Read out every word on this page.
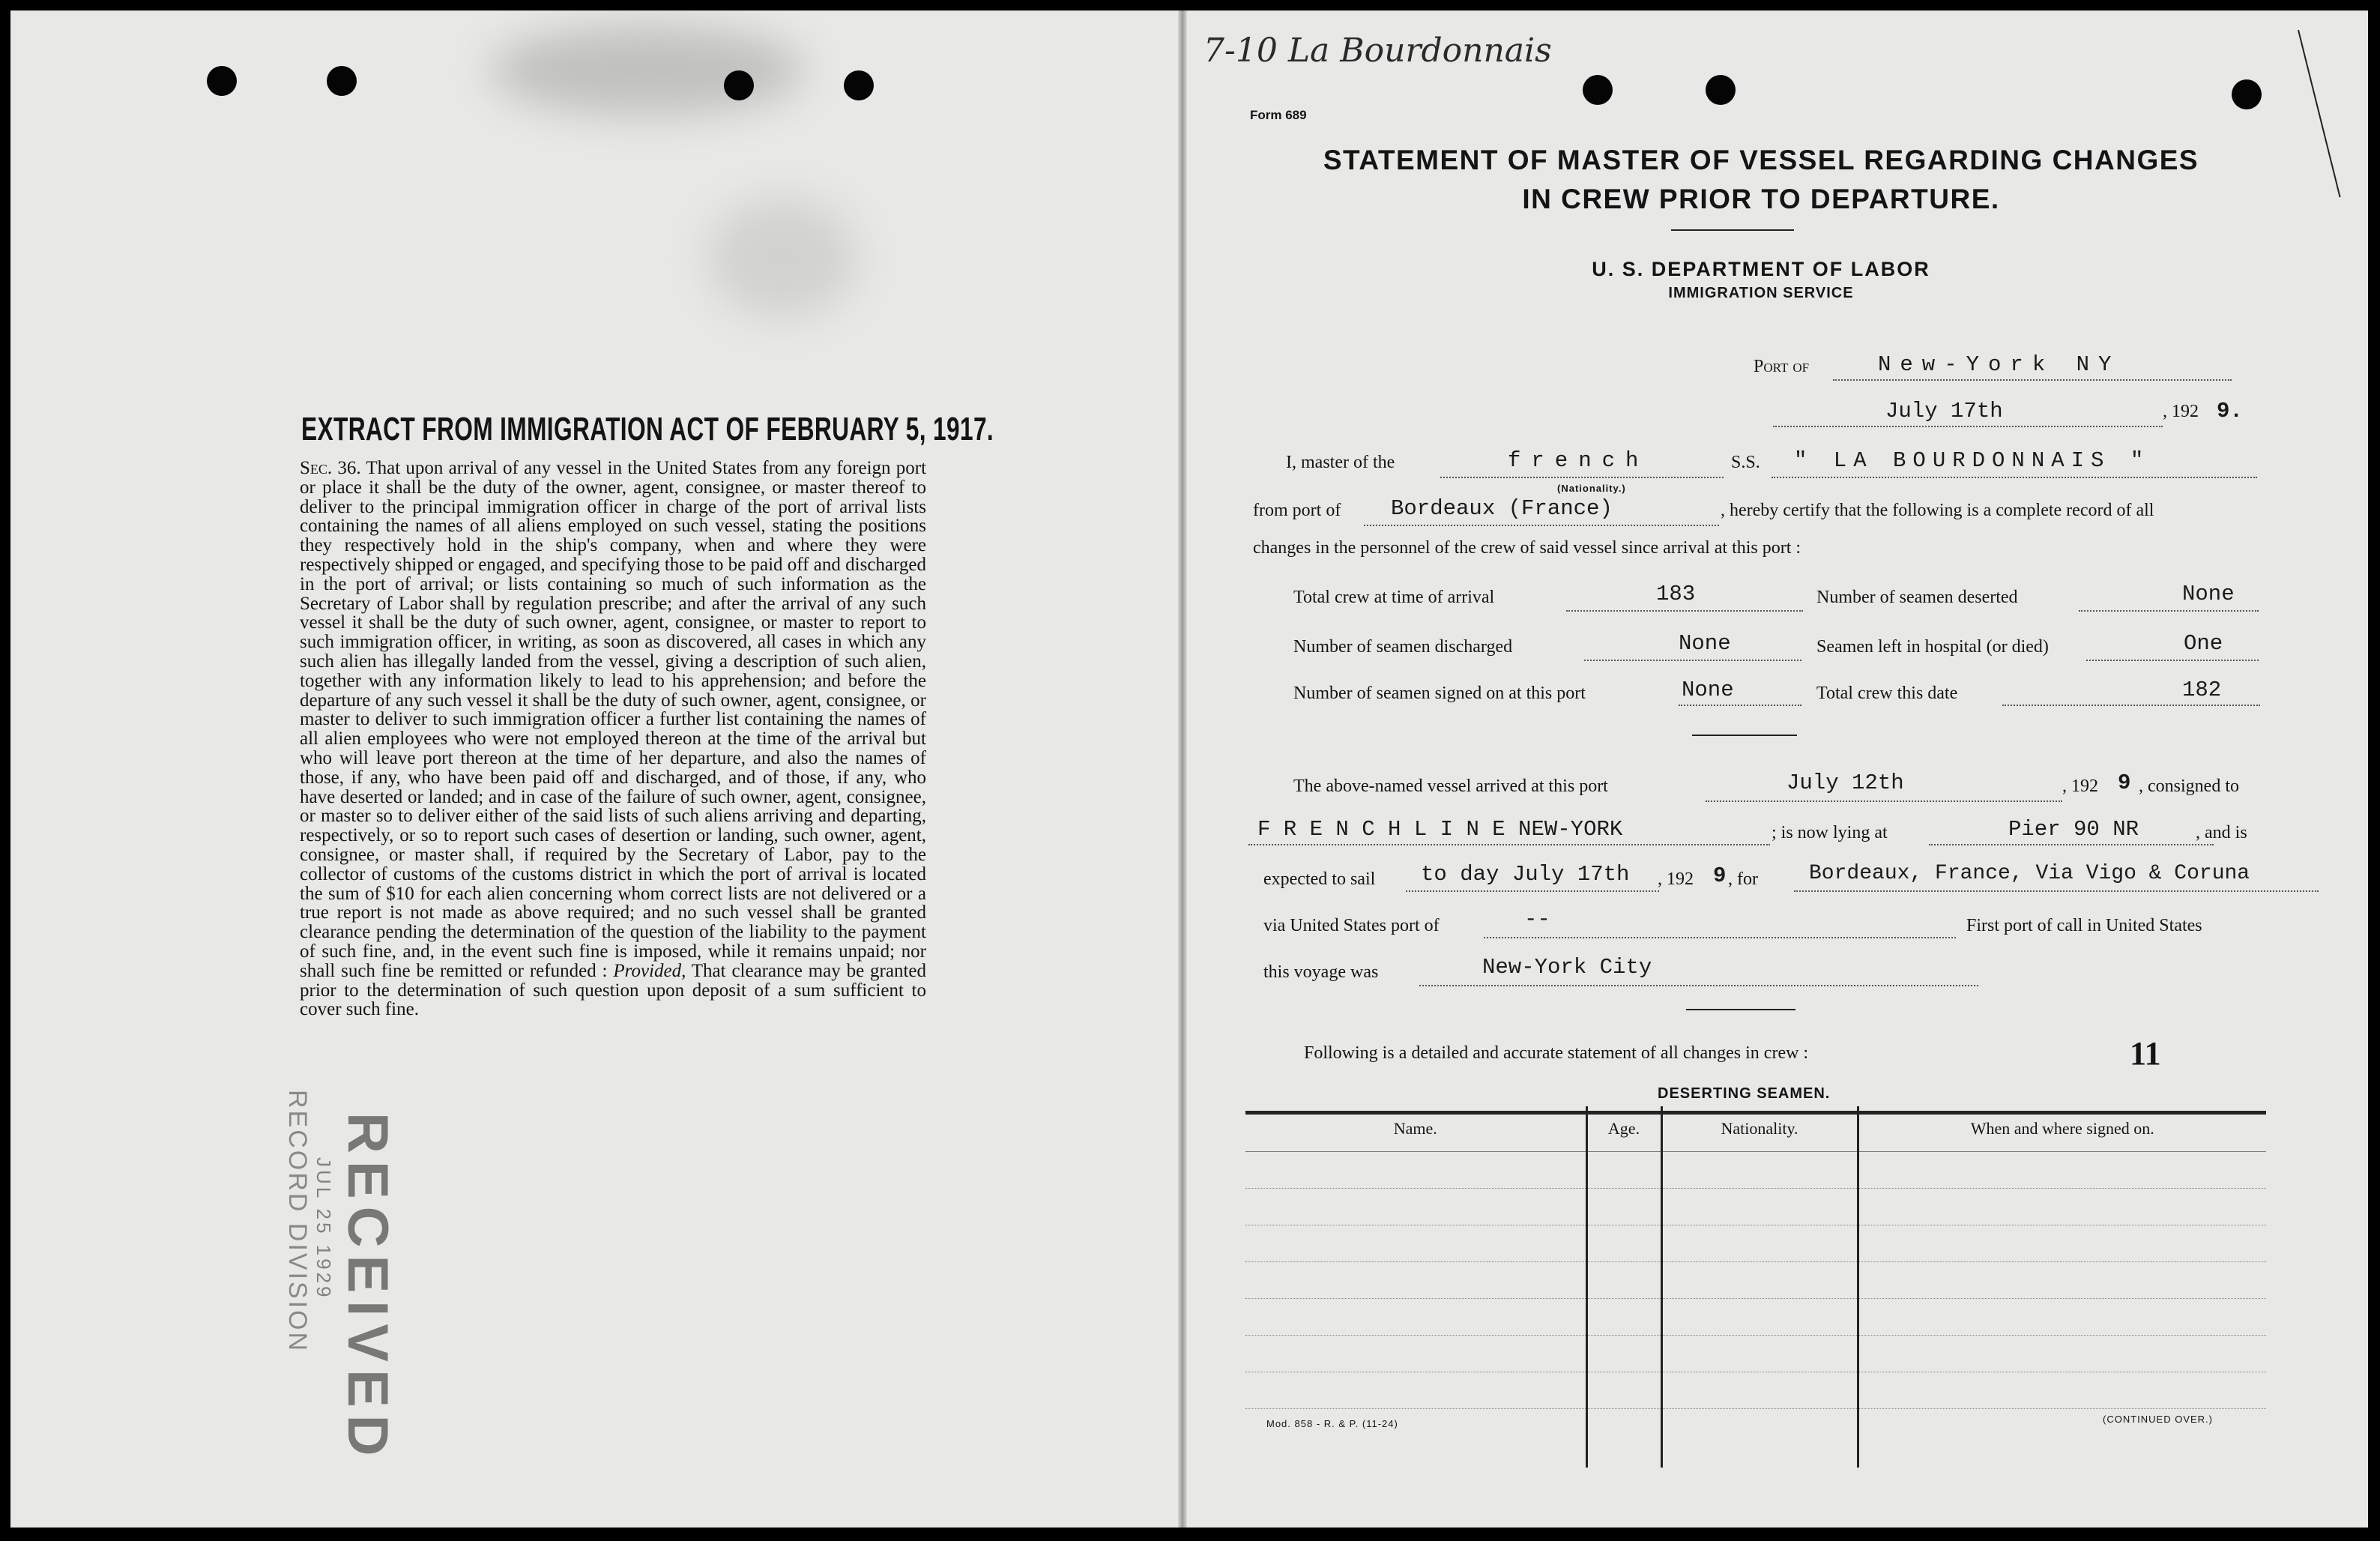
EXTRACT FROM IMMIGRATION ACT OF FEBRUARY 5, 1917.
Sec. 36. That upon arrival of any vessel in the United States from any foreign port or place it shall be the duty of the owner, agent, consignee, or master thereof to deliver to the principal immigration officer in charge of the port of arrival lists containing the names of all aliens employed on such vessel, stating the positions they respectively hold in the ship's company, when and where they were respectively shipped or engaged, and specifying those to be paid off and discharged in the port of arrival; or lists containing so much of such information as the Secretary of Labor shall by regulation prescribe; and after the arrival of any such vessel it shall be the duty of such owner, agent, consignee, or master to report to such immigration officer, in writing, as soon as discovered, all cases in which any such alien has illegally landed from the vessel, giving a description of such alien, together with any information likely to lead to his apprehension; and before the departure of any such vessel it shall be the duty of such owner, agent, consignee, or master to deliver to such immigration officer a further list containing the names of all alien employees who were not employed thereon at the time of the arrival but who will leave port thereon at the time of her departure, and also the names of those, if any, who have been paid off and discharged, and of those, if any, who have deserted or landed; and in case of the failure of such owner, agent, consignee, or master so to deliver either of the said lists of such aliens arriving and departing, respectively, or so to report such cases of desertion or landing, such owner, agent, consignee, or master shall, if required by the Secretary of Labor, pay to the collector of customs of the customs district in which the port of arrival is located the sum of $10 for each alien concerning whom correct lists are not delivered or a true report is not made as above required; and no such vessel shall be granted clearance pending the determination of the question of the liability to the payment of such fine, and, in the event such fine is imposed, while it remains unpaid; nor shall such fine be remitted or refunded : Provided, That clearance may be granted prior to the determination of such question upon deposit of a sum sufficient to cover such fine.
RECEIVED
JUL 25 1929
RECORD DIVISION
7-10 La Bourdonnais
Form 689
STATEMENT OF MASTER OF VESSEL REGARDING CHANGES
IN CREW PRIOR TO DEPARTURE.
U. S. DEPARTMENT OF LABOR
IMMIGRATION SERVICE
Port of	New-York NY
July 17th	, 192 9.
I, master of the	french
(Nationality.)
S.S. " LA BOURDONNAIS "
from port of Bordeaux (France)	, hereby certify that the following is a complete record of all
changes in the personnel of the crew of said vessel since arrival at this port :
Total crew at time of arrival	183	Number of seamen deserted	None
Number of seamen discharged	None	Seamen left in hospital (or died)	One
Number of seamen signed on at this port	None	Total crew this date	182
The above-named vessel arrived at this port	July 12th	, 192 9 , consigned to
F R E N C H L I N E NEW-YORK	; is now lying at	Pier 90 NR	, and is
expected to sail to day July 17th , 192 9 , for Bordeaux, France, Via Vigo & Coruna
via United States port of	--	First port of call in United States
this voyage was	New-York City
Following is a detailed and accurate statement of all changes in crew :	11
DESERTING SEAMEN.
Name.	Age.	Nationality.	When and where signed on.

Mod. 858 - R. & P. (11-24)	(CONTINUED OVER.)
